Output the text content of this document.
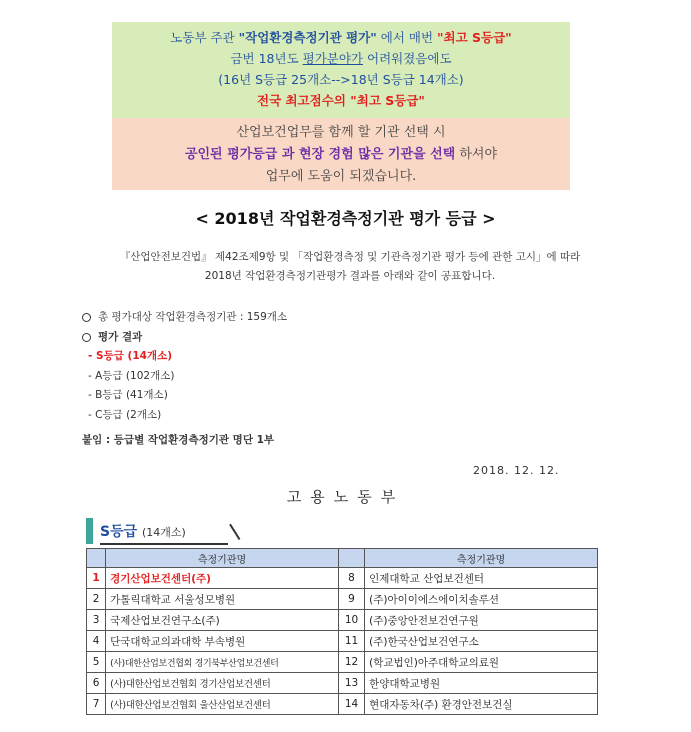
노동부 주관 "작업환경측정기관 평가" 에서 매번 "최고 S등급"
금번 18년도 평가분야가 어려워졌음에도
(16년 S등급 25개소-->18년 S등급 14개소)
전국 최고점수의 "최고 S등급"
산업보건업무를 함께 할 기관 선택 시
공인된 평가등급 과 현장 경험 많은 기관을 선택 하셔야
업무에 도움이 되겠습니다.
< 2018년 작업환경측정기관 평가 등급 >
『산업안전보건법』 제42조제9항 및 「작업환경측정 및 기관측정기관 평가 등에 관한 고시」에 따라
2018년 작업환경측정기관평가 결과를 아래와 같이 공표합니다.
총 평가대상 작업환경측정기관 : 159개소
평가 결과
- S등급 (14개소)
- A등급 (102개소)
- B등급 (41개소)
- C등급 (2개소)
붙임 : 등급별 작업환경측정기관 명단 1부
2018. 12. 12.
고용노동부
S등급 (14개소)
	측정기관명		측정기관명
1	경기산업보건센터(주)	8	인제대학교 산업보건센터
2	가톨릭대학교 서울성모병원	9	(주)아이이에스에이치솔루션
3	국제산업보건연구소(주)	10	(주)중앙안전보건연구원
4	단국대학교의과대학 부속병원	11	(주)한국산업보건연구소
5	(사)대한산업보건협회 경기북부산업보건센터	12	(학교법인)아주대학교의료원
6	(사)대한산업보건협회 경기산업보건센터	13	한양대학교병원
7	(사)대한산업보건협회 울산산업보건센터	14	현대자동차(주) 환경안전보건실
